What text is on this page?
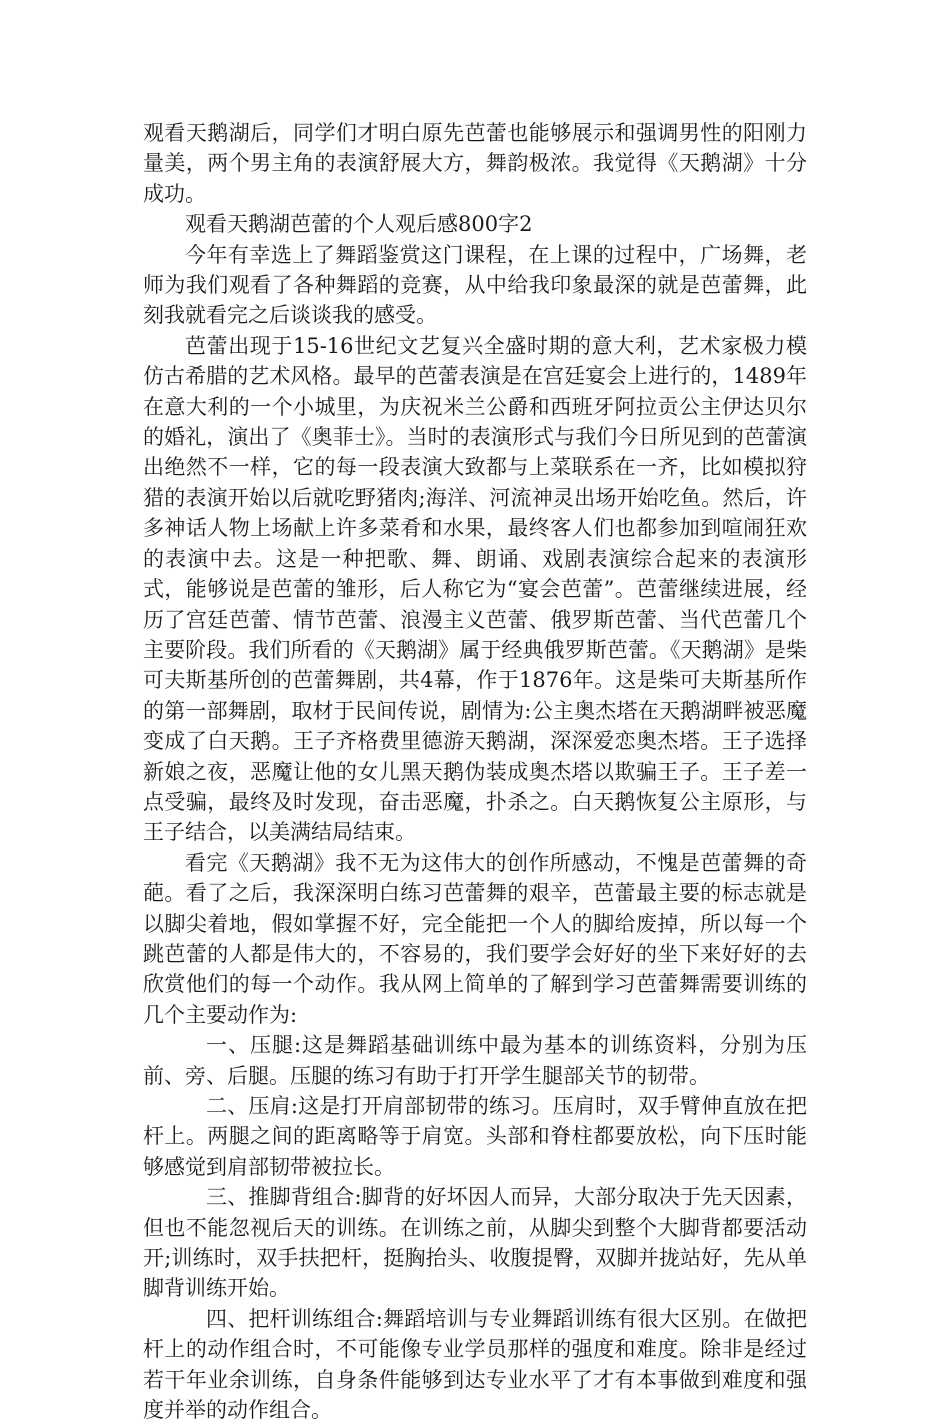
观看天鹅湖后，同学们才明白原先芭蕾也能够展示和强调男性的阳刚力量美，两个男主角的表演舒展大方，舞韵极浓。我觉得《天鹅湖》十分成功。

观看天鹅湖芭蕾的个人观后感800字2

今年有幸选上了舞蹈鉴赏这门课程，在上课的过程中，广场舞，老师为我们观看了各种舞蹈的竞赛，从中给我印象最深的就是芭蕾舞，此刻我就看完之后谈谈我的感受。

芭蕾出现于15-16世纪文艺复兴全盛时期的意大利，艺术家极力模仿古希腊的艺术风格。最早的芭蕾表演是在宫廷宴会上进行的，1489年在意大利的一个小城里，为庆祝米兰公爵和西班牙阿拉贡公主伊达贝尔的婚礼，演出了《奥菲士》。当时的表演形式与我们今日所见到的芭蕾演出绝然不一样，它的每一段表演大致都与上菜联系在一齐，比如模拟狩猎的表演开始以后就吃野猪肉;海洋、河流神灵出场开始吃鱼。然后，许多神话人物上场献上许多菜肴和水果，最终客人们也都参加到喧闹狂欢的表演中去。这是一种把歌、舞、朗诵、戏剧表演综合起来的表演形式，能够说是芭蕾的雏形，后人称它为“宴会芭蕾”。芭蕾继续进展，经历了宫廷芭蕾、情节芭蕾、浪漫主义芭蕾、俄罗斯芭蕾、当代芭蕾几个主要阶段。我们所看的《天鹅湖》属于经典俄罗斯芭蕾。《天鹅湖》是柴可夫斯基所创的芭蕾舞剧，共4幕，作于1876年。这是柴可夫斯基所作的第一部舞剧，取材于民间传说，剧情为:公主奥杰塔在天鹅湖畔被恶魔变成了白天鹅。王子齐格费里德游天鹅湖，深深爱恋奥杰塔。王子选择新娘之夜，恶魔让他的女儿黑天鹅伪装成奥杰塔以欺骗王子。王子差一点受骗，最终及时发现，奋击恶魔，扑杀之。白天鹅恢复公主原形，与王子结合，以美满结局结束。

看完《天鹅湖》我不无为这伟大的创作所感动，不愧是芭蕾舞的奇葩。看了之后，我深深明白练习芭蕾舞的艰辛，芭蕾最主要的标志就是以脚尖着地，假如掌握不好，完全能把一个人的脚给废掉，所以每一个跳芭蕾的人都是伟大的，不容易的，我们要学会好好的坐下来好好的去欣赏他们的每一个动作。我从网上简单的了解到学习芭蕾舞需要训练的几个主要动作为:

一、压腿:这是舞蹈基础训练中最为基本的训练资料，分别为压前、旁、后腿。压腿的练习有助于打开学生腿部关节的韧带。

二、压肩:这是打开肩部韧带的练习。压肩时，双手臂伸直放在把杆上。两腿之间的距离略等于肩宽。头部和脊柱都要放松，向下压时能够感觉到肩部韧带被拉长。

三、推脚背组合:脚背的好坏因人而异，大部分取决于先天因素，但也不能忽视后天的训练。在训练之前，从脚尖到整个大脚背都要活动开;训练时，双手扶把杆，挺胸抬头、收腹提臀，双脚并拢站好，先从单脚背训练开始。

四、把杆训练组合:舞蹈培训与专业舞蹈训练有很大区别。在做把杆上的动作组合时，不可能像专业学员那样的强度和难度。除非是经过若干年业余训练，自身条件能够到达专业水平了才有本事做到难度和强度并举的动作组合。
